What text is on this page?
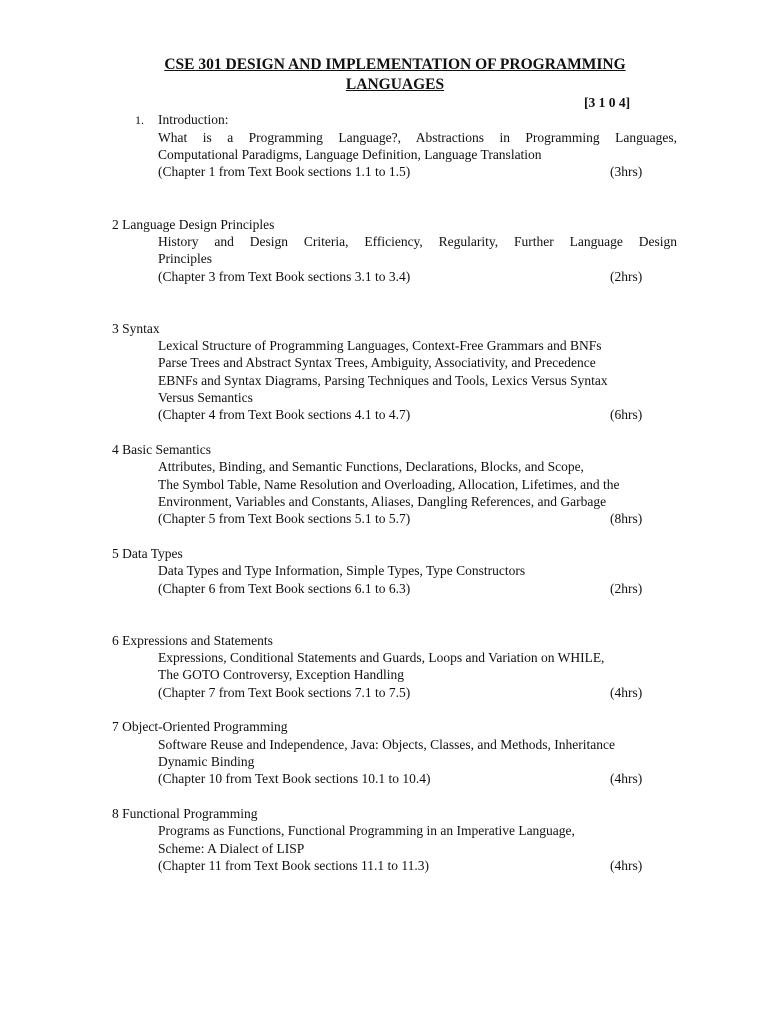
CSE 301 DESIGN AND IMPLEMENTATION OF PROGRAMMING
LANGUAGES
[3 1 0 4]
1. Introduction:
What is a Programming Language?, Abstractions in Programming Languages,
Computational Paradigms, Language Definition, Language Translation
(Chapter 1 from Text Book sections 1.1 to 1.5)	(3hrs)
2 Language Design Principles
History and Design Criteria, Efficiency, Regularity, Further Language Design
Principles
(Chapter 3 from Text Book sections 3.1 to 3.4)	(2hrs)
3 Syntax
Lexical Structure of Programming Languages, Context-Free Grammars and BNFs
Parse Trees and Abstract Syntax Trees, Ambiguity, Associativity, and Precedence
EBNFs and Syntax Diagrams, Parsing Techniques and Tools, Lexics Versus Syntax
Versus Semantics
(Chapter 4 from Text Book sections 4.1 to 4.7)	(6hrs)
4 Basic Semantics
Attributes, Binding, and Semantic Functions, Declarations, Blocks, and Scope,
The Symbol Table, Name Resolution and Overloading, Allocation, Lifetimes, and the
Environment, Variables and Constants, Aliases, Dangling References, and Garbage
(Chapter 5 from Text Book sections 5.1 to 5.7)	(8hrs)
5 Data Types
Data Types and Type Information, Simple Types, Type Constructors
(Chapter 6 from Text Book sections 6.1 to 6.3)	(2hrs)
6 Expressions and Statements
Expressions, Conditional Statements and Guards, Loops and Variation on WHILE,
The GOTO Controversy, Exception Handling
(Chapter 7 from Text Book sections 7.1 to 7.5)	(4hrs)
7 Object-Oriented Programming
Software Reuse and Independence, Java: Objects, Classes, and Methods, Inheritance
Dynamic Binding
(Chapter 10 from Text Book sections 10.1 to 10.4)	(4hrs)
8 Functional Programming
Programs as Functions, Functional Programming in an Imperative Language,
Scheme: A Dialect of LISP
(Chapter 11 from Text Book sections 11.1 to 11.3)	(4hrs)
